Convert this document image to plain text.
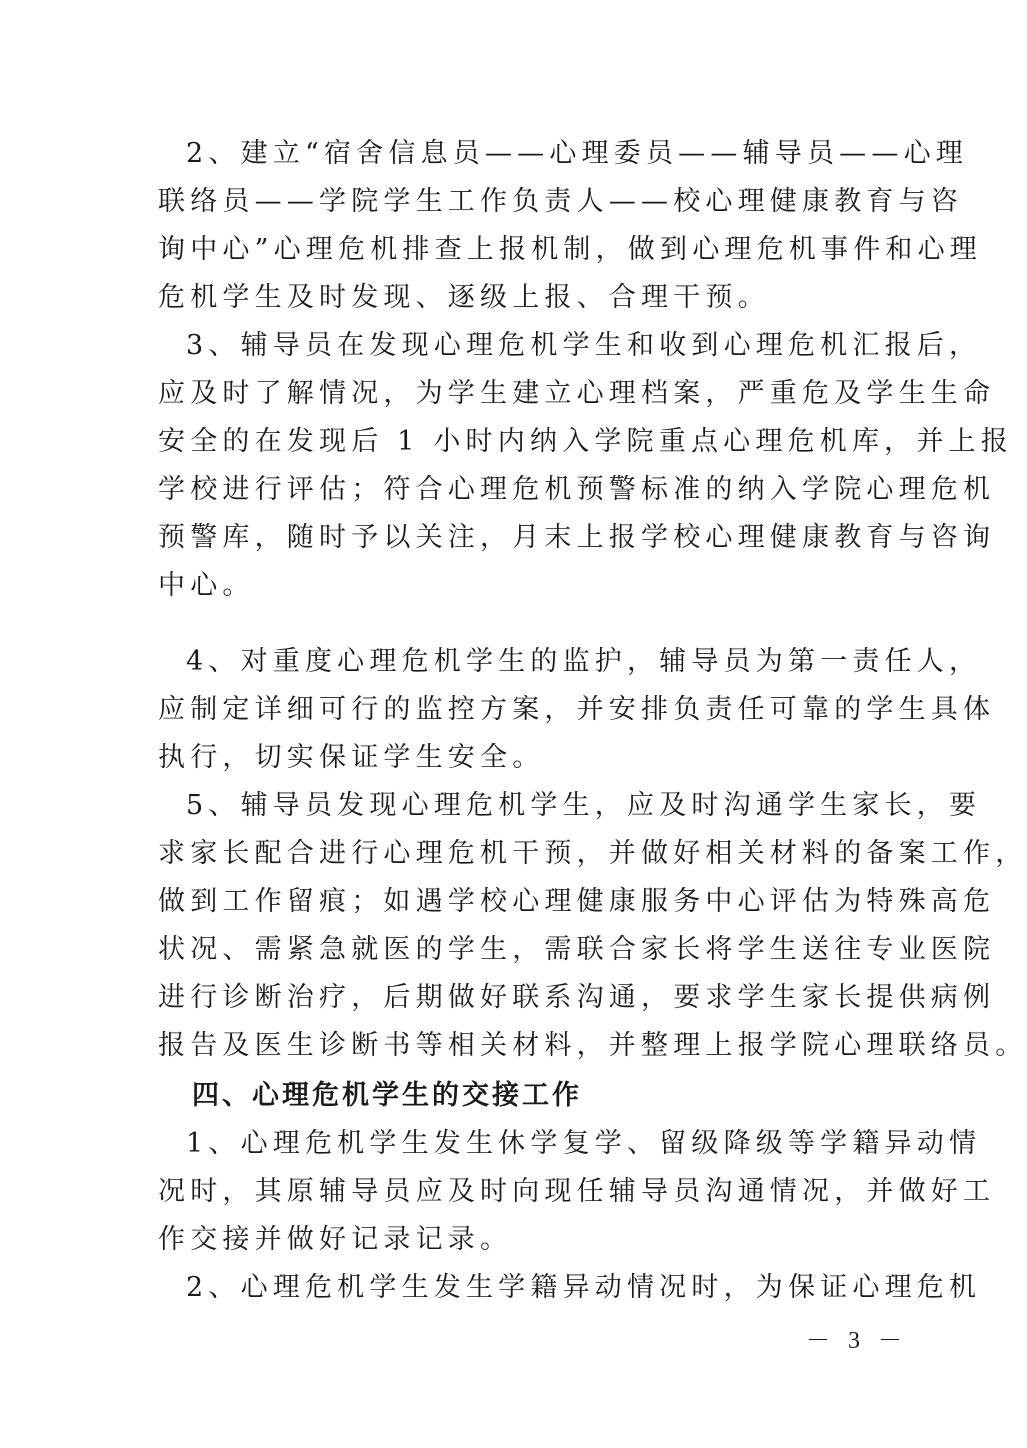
2、建立“宿舍信息员——心理委员——辅导员——心理
联络员——学院学生工作负责人——校心理健康教育与咨
询中心”心理危机排查上报机制，做到心理危机事件和心理
危机学生及时发现、逐级上报、合理干预。
3、辅导员在发现心理危机学生和收到心理危机汇报后，
应及时了解情况，为学生建立心理档案，严重危及学生生命
安全的在发现后 1 小时内纳入学院重点心理危机库，并上报
学校进行评估；符合心理危机预警标准的纳入学院心理危机
预警库，随时予以关注，月末上报学校心理健康教育与咨询
中心。
4、对重度心理危机学生的监护，辅导员为第一责任人，
应制定详细可行的监控方案，并安排负责任可靠的学生具体
执行，切实保证学生安全。
5、辅导员发现心理危机学生，应及时沟通学生家长，要
求家长配合进行心理危机干预，并做好相关材料的备案工作，
做到工作留痕；如遇学校心理健康服务中心评估为特殊高危
状况、需紧急就医的学生，需联合家长将学生送往专业医院
进行诊断治疗，后期做好联系沟通，要求学生家长提供病例
报告及医生诊断书等相关材料，并整理上报学院心理联络员。
四、心理危机学生的交接工作
1、心理危机学生发生休学复学、留级降级等学籍异动情
况时，其原辅导员应及时向现任辅导员沟通情况，并做好工
作交接并做好记录记录。
2、心理危机学生发生学籍异动情况时，为保证心理危机
－ 3 －
